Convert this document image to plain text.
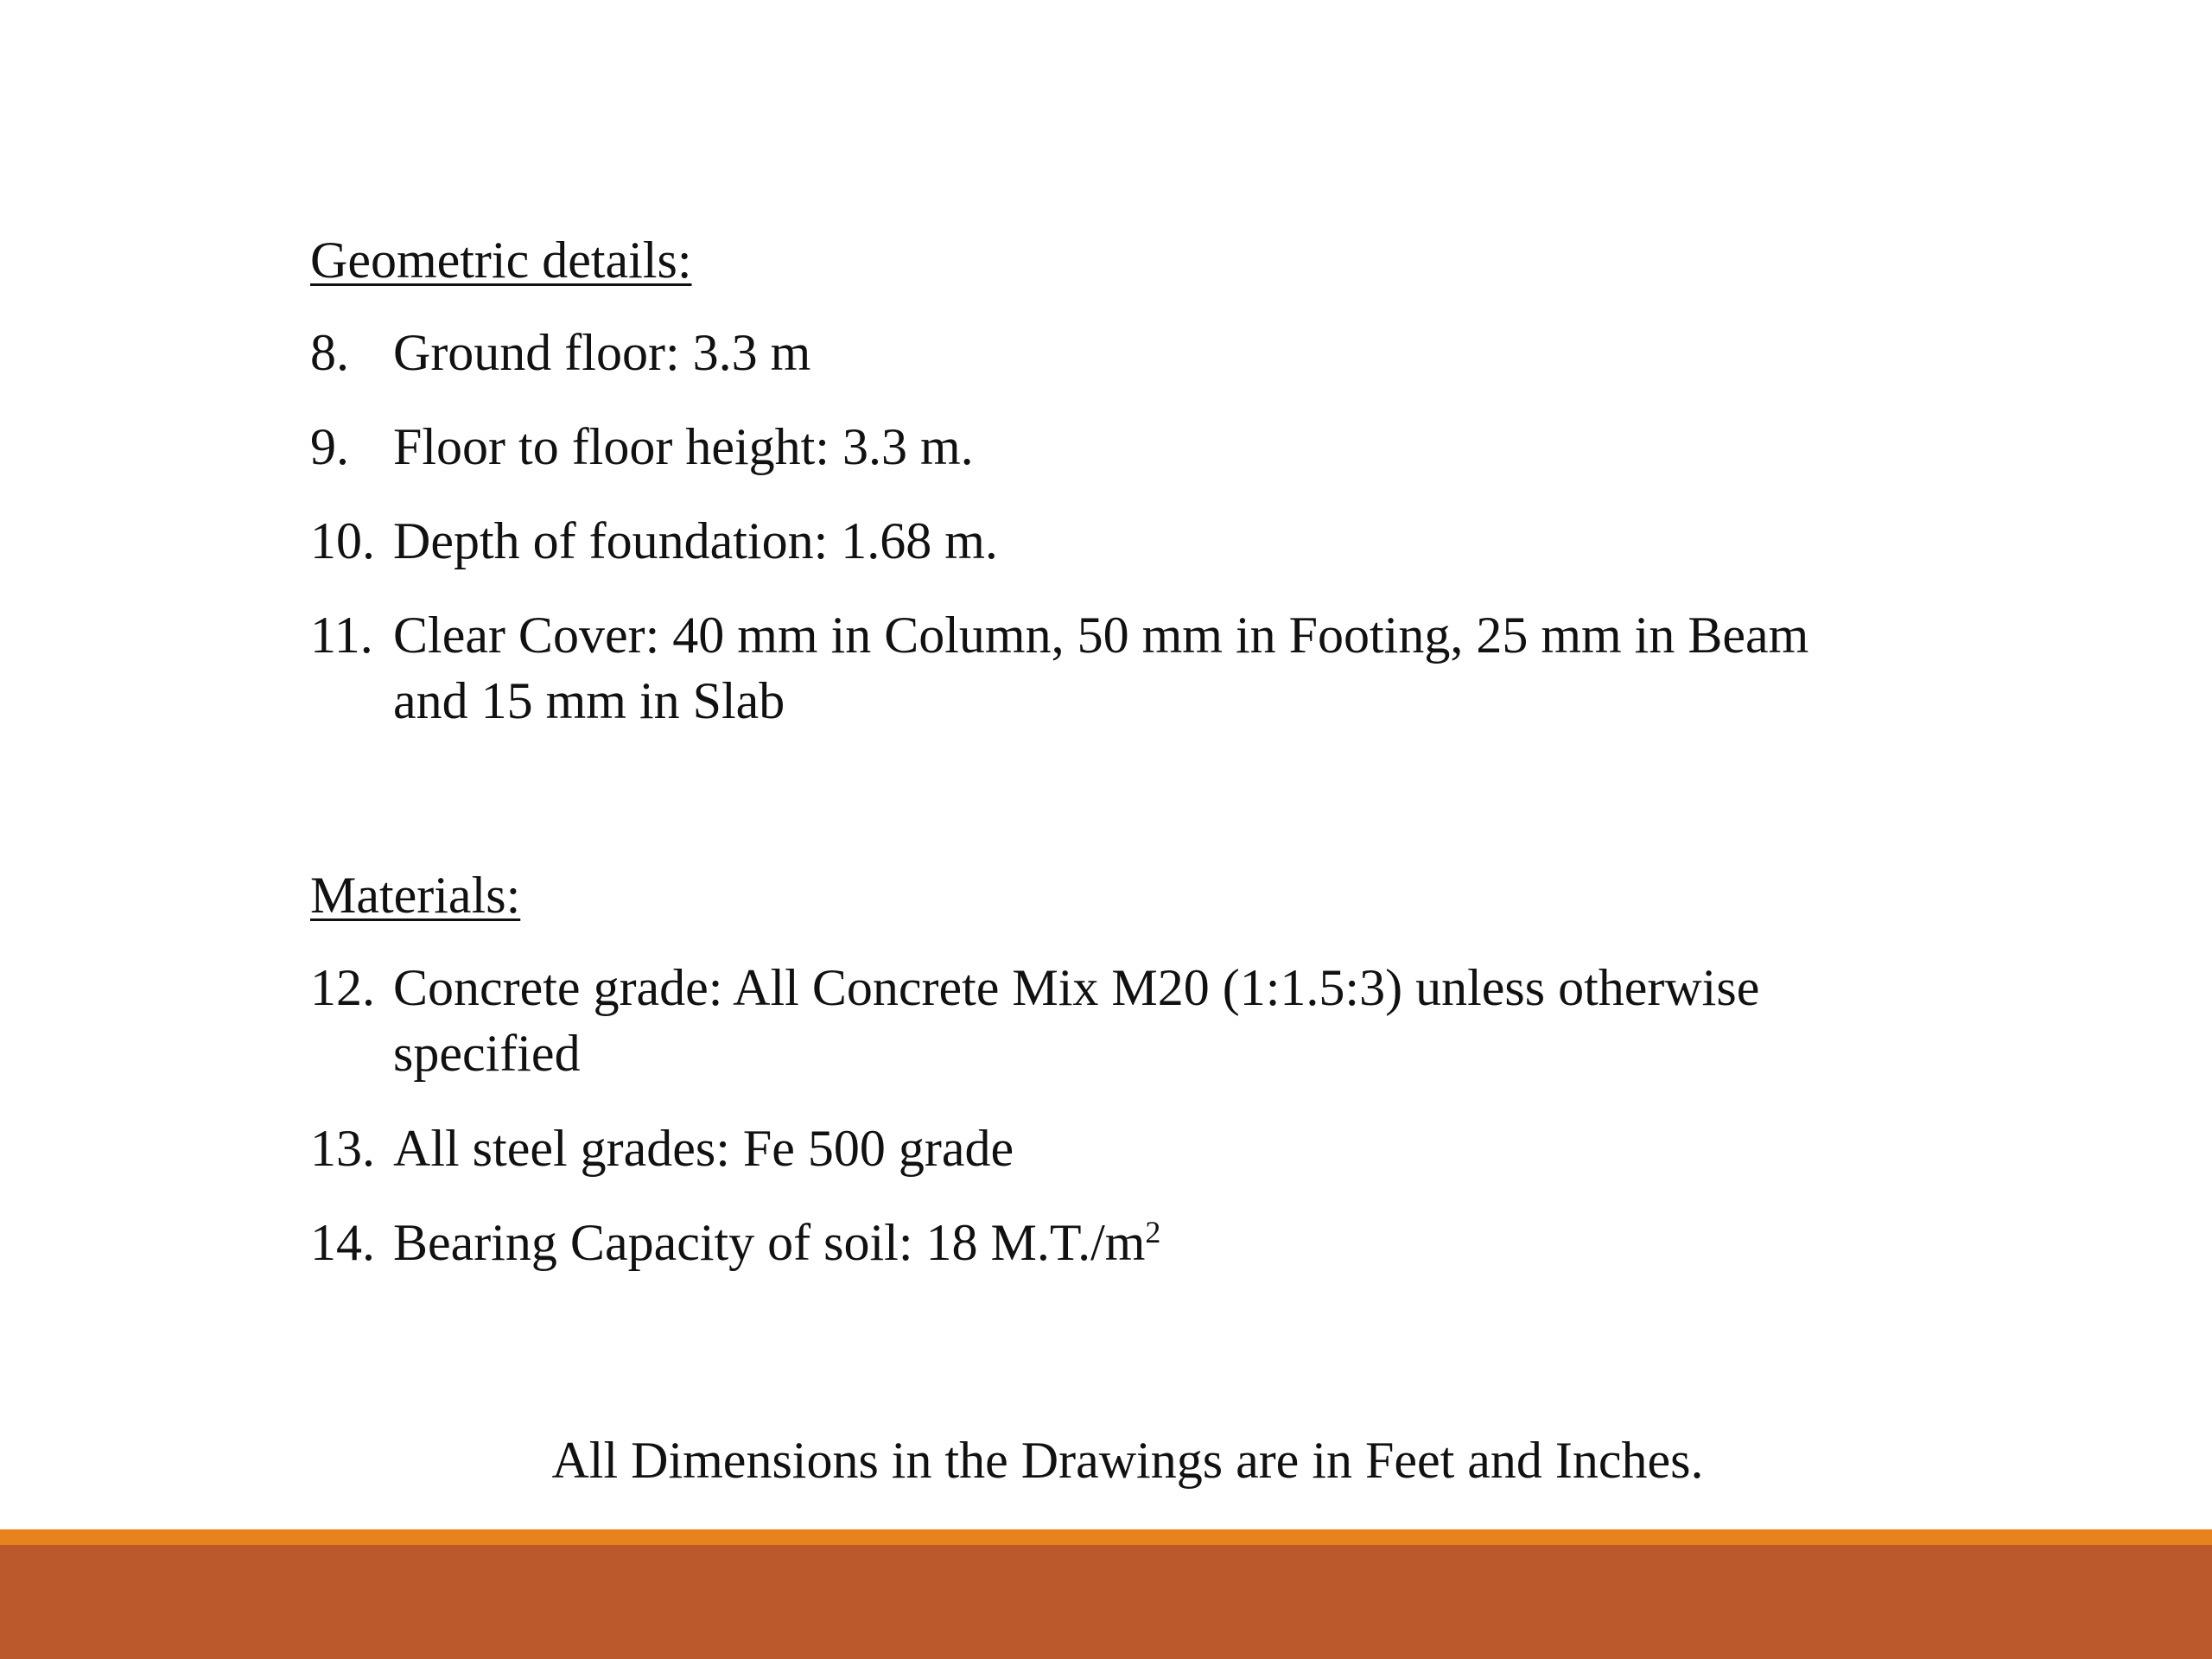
Geometric details:
8. Ground floor: 3.3 m
9. Floor to floor height: 3.3 m.
10. Depth of foundation: 1.68 m.
11. Clear Cover: 40 mm in Column, 50 mm in Footing, 25 mm in Beam
and 15 mm in Slab
Materials:
12. Concrete grade: All Concrete Mix M20 (1:1.5:3) unless otherwise
specified
13. All steel grades: Fe 500 grade
14. Bearing Capacity of soil: 18 $M.T./m^2$
All Dimensions in the Drawings are in Feet and Inches.
